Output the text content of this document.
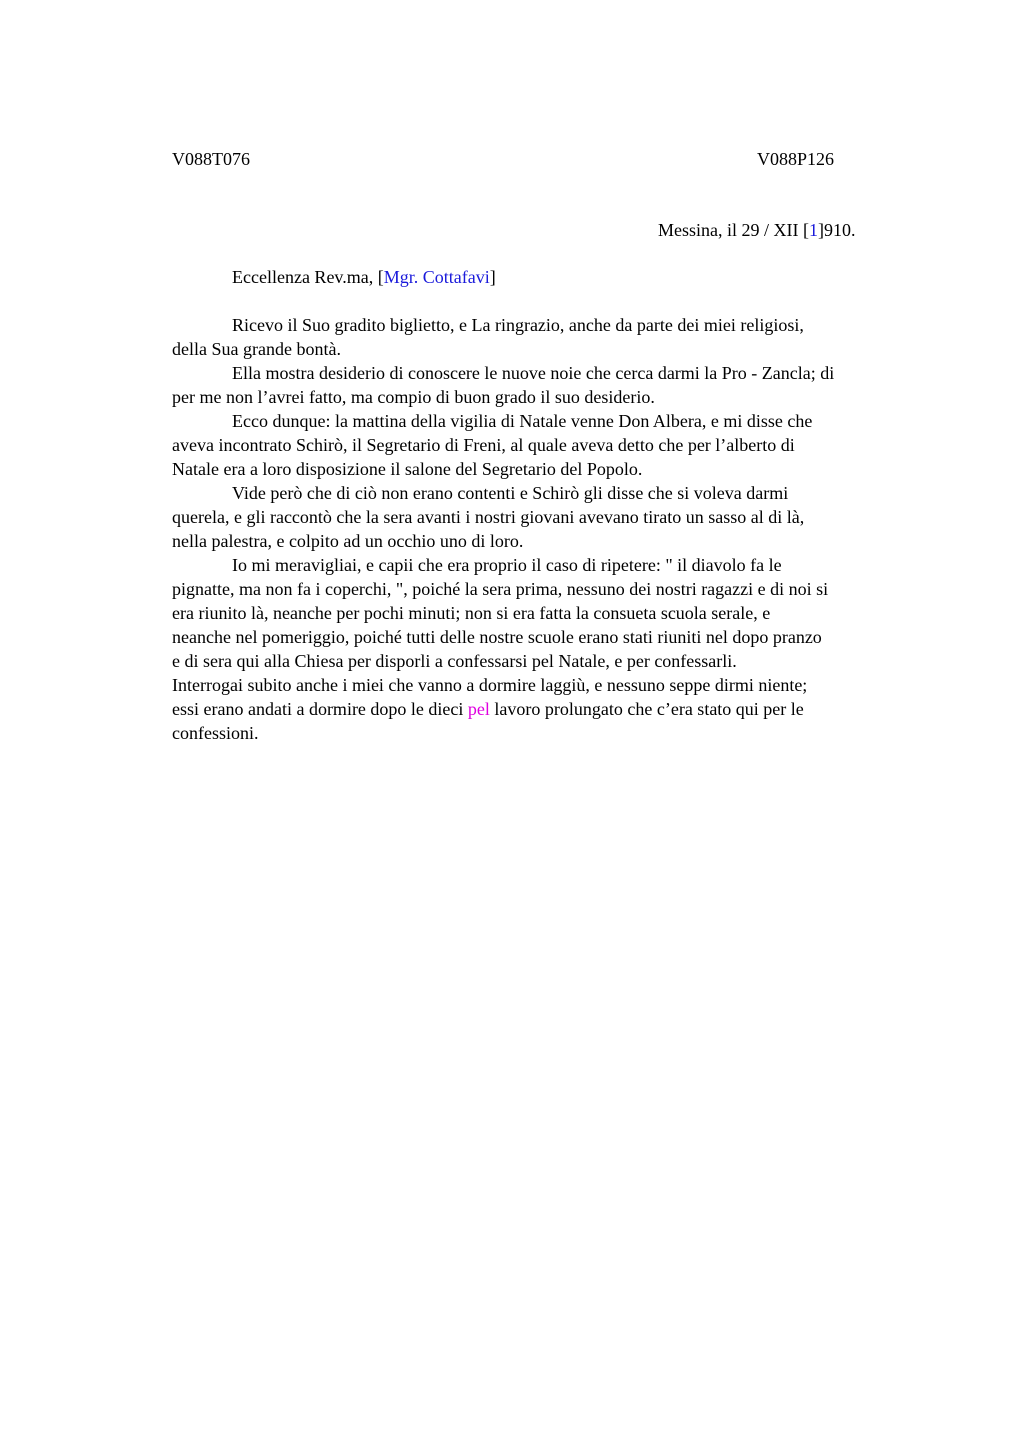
V088T076	V088P126
Messina, il 29 / XII [1]910.
Eccellenza Rev.ma, [Mgr. Cottafavi]
Ricevo il Suo gradito biglietto, e La ringrazio, anche da parte dei miei religiosi,
della Sua grande bontà.
Ella mostra desiderio di conoscere le nuove noie che cerca darmi la Pro - Zancla; di
per me non l’avrei fatto, ma compio di buon grado il suo desiderio.
Ecco dunque: la mattina della vigilia di Natale venne Don Albera, e mi disse che
aveva incontrato Schirò, il Segretario di Freni, al quale aveva detto che per l’alberto di
Natale era a loro disposizione il salone del Segretario del Popolo.
Vide però che di ciò non erano contenti e Schirò gli disse che si voleva darmi
querela, e gli raccontò che la sera avanti i nostri giovani avevano tirato un sasso al di là,
nella palestra, e colpito ad un occhio uno di loro.
Io mi meravigliai, e capii che era proprio il caso di ripetere: " il diavolo fa le
pignatte, ma non fa i coperchi, ", poiché la sera prima, nessuno dei nostri ragazzi e di noi si
era riunito là, neanche per pochi minuti; non si era fatta la consueta scuola serale, e
neanche nel pomeriggio, poiché tutti delle nostre scuole erano stati riuniti nel dopo pranzo
e di sera qui alla Chiesa per disporli a confessarsi pel Natale, e per confessarli.
Interrogai subito anche i miei che vanno a dormire laggiù, e nessuno seppe dirmi niente;
essi erano andati a dormire dopo le dieci pel lavoro prolungato che c’era stato qui per le
confessioni.
